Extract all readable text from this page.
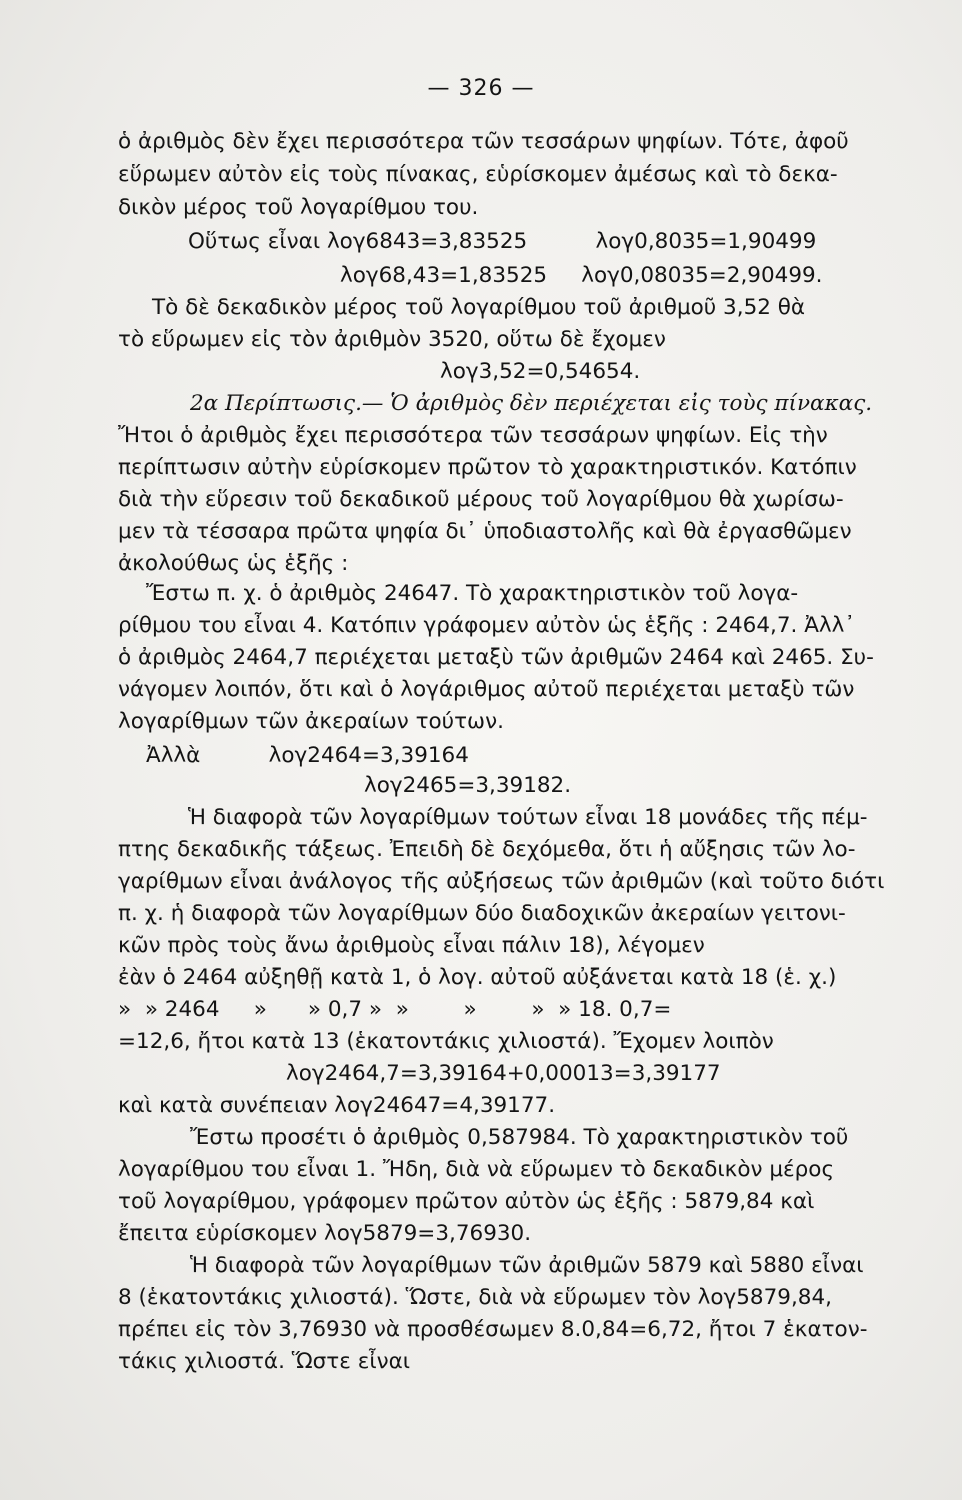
— 326 —
ὁ ἀριθμὸς δὲν ἔχει περισσότερα τῶν τεσσάρων ψηφίων. Τότε, ἀφοῦ
εὕρωμεν αὐτὸν εἰς τοὺς πίνακας, εὑρίσκομεν ἀμέσως καὶ τὸ δεκα-
δικὸν μέρος τοῦ λογαρίθμου του.
Οὕτως εἶναι λογ6843=3,83525          λογ0,8035=1,90499
λογ68,43=1,83525     λογ0,08035=2,90499.
Τὸ δὲ δεκαδικὸν μέρος τοῦ λογαρίθμου τοῦ ἀριθμοῦ 3,52 θὰ
τὸ εὕρωμεν εἰς τὸν ἀριθμὸν 3520, οὕτω δὲ ἔχομεν
λογ3,52=0,54654.
2α Περίπτωσις.— Ὁ ἀριθμὸς δὲν περιέχεται εἰς τοὺς πίνακας.
Ἤτοι ὁ ἀριθμὸς ἔχει περισσότερα τῶν τεσσάρων ψηφίων. Εἰς τὴν
περίπτωσιν αὐτὴν εὑρίσκομεν πρῶτον τὸ χαρακτηριστικόν. Κατόπιν
διὰ τὴν εὕρεσιν τοῦ δεκαδικοῦ μέρους τοῦ λογαρίθμου θὰ χωρίσω-
μεν τὰ τέσσαρα πρῶτα ψηφία δι᾽ ὑποδιαστολῆς καὶ θὰ ἐργασθῶμεν
ἀκολούθως ὡς ἑξῆς :
Ἔστω π. χ. ὁ ἀριθμὸς 24647. Τὸ χαρακτηριστικὸν τοῦ λογα-
ρίθμου του εἶναι 4. Κατόπιν γράφομεν αὐτὸν ὡς ἑξῆς : 2464,7. Ἀλλ᾽
ὁ ἀριθμὸς 2464,7 περιέχεται μεταξὺ τῶν ἀριθμῶν 2464 καὶ 2465. Συ-
νάγομεν λοιπόν, ὅτι καὶ ὁ λογάριθμος αὐτοῦ περιέχεται μεταξὺ τῶν
λογαρίθμων τῶν ἀκεραίων τούτων.
Ἀλλὰ          λογ2464=3,39164
λογ2465=3,39182.
Ἡ διαφορὰ τῶν λογαρίθμων τούτων εἶναι 18 μονάδες τῆς πέμ-
πτης δεκαδικῆς τάξεως. Ἐπειδὴ δὲ δεχόμεθα, ὅτι ἡ αὔξησις τῶν λο-
γαρίθμων εἶναι ἀνάλογος τῆς αὐξήσεως τῶν ἀριθμῶν (καὶ τοῦτο διότι
π. χ. ἡ διαφορὰ τῶν λογαρίθμων δύο διαδοχικῶν ἀκεραίων γειτονι-
κῶν πρὸς τοὺς ἄνω ἀριθμοὺς εἶναι πάλιν 18), λέγομεν
ἐὰν ὁ 2464 αὐξηθῇ κατὰ 1, ὁ λογ. αὐτοῦ αὐξάνεται κατὰ 18 (ἑ. χ.)
»  » 2464     »      » 0,7 »  »        »        »  » 18. 0,7=
=12,6, ἤτοι κατὰ 13 (ἑκατοντάκις χιλιοστά). Ἔχομεν λοιπὸν
λογ2464,7=3,39164+0,00013=3,39177
καὶ κατὰ συνέπειαν λογ24647=4,39177.
Ἔστω προσέτι ὁ ἀριθμὸς 0,587984. Τὸ χαρακτηριστικὸν τοῦ
λογαρίθμου του εἶναι 1. Ἤδη, διὰ νὰ εὕρωμεν τὸ δεκαδικὸν μέρος
τοῦ λογαρίθμου, γράφομεν πρῶτον αὐτὸν ὡς ἑξῆς : 5879,84 καὶ
ἔπειτα εὑρίσκομεν λογ5879=3,76930.
Ἡ διαφορὰ τῶν λογαρίθμων τῶν ἀριθμῶν 5879 καὶ 5880 εἶναι
8 (ἑκατοντάκις χιλιοστά). Ὥστε, διὰ νὰ εὕρωμεν τὸν λογ5879,84,
πρέπει εἰς τὸν 3,76930 νὰ προσθέσωμεν 8.0,84=6,72, ἤτοι 7 ἑκατον-
τάκις χιλιοστά. Ὥστε εἶναι
